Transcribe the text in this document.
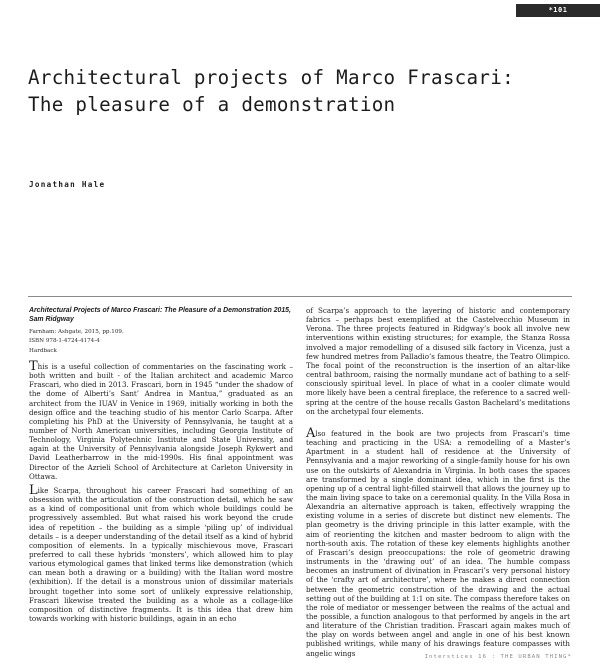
*101
Architectural projects of Marco Frascari:
The pleasure of a demonstration
Jonathan Hale

Architectural Projects of Marco Frascari: The Pleasure of a Demonstration 2015, Sam Ridgway

Farnham: Ashgate, 2015, pp.109.

ISBN 978-1-4724-4174-4

Hardback

This is a useful collection of commentaries on the fascinating work – both written and built - of the Italian architect and academic Marco Frascari, who died in 2013. Frascari, born in 1945 “under the shadow of the dome of Alberti’s Sant’ Andrea in Mantua,” graduated as an architect from the IUAV in Venice in 1969, initially working in both the design office and the teaching studio of his mentor Carlo Scarpa. After completing his PhD at the University of Pennsylvania, he taught at a number of North American universities, including Georgia Institute of Technology, Virginia Polytechnic Institute and State University, and again at the University of Pennsylvania alongside Joseph Rykwert and David Leatherbarrow in the mid-1990s. His final appointment was Director of the Azrieli School of Architecture at Carleton University in Ottawa.

Like Scarpa, throughout his career Frascari had something of an obsession with the articulation of the construction detail, which he saw as a kind of compositional unit from which whole buildings could be progressively assembled. But what raised his work beyond the crude idea of repetition – the building as a simple ‘piling up’ of individual details – is a deeper understanding of the detail itself as a kind of hybrid composition of elements. In a typically mischievous move, Frascari preferred to call these hybrids ‘monsters’, which allowed him to play various etymological games that linked terms like demonstration (which can mean both a drawing or a building) with the Italian word mostre (exhibition). If the detail is a monstrous union of dissimilar materials brought together into some sort of unlikely expressive relationship, Frascari likewise treated the building as a whole as a collage-like composition of distinctive fragments. It is this idea that drew him towards working with historic buildings, again in an echo

of Scarpa’s approach to the layering of historic and contemporary fabrics – perhaps best exemplified at the Castelvecchio Museum in Verona. The three projects featured in Ridgway’s book all involve new interventions within existing structures; for example, the Stanza Rossa involved a major remodelling of a disused silk factory in Vicenza, just a few hundred metres from Palladio’s famous theatre, the Teatro Olimpico. The focal point of the reconstruction is the insertion of an altar-like central bathroom, raising the normally mundane act of bathing to a self-consciously spiritual level. In place of what in a cooler climate would more likely have been a central fireplace, the reference to a sacred well-spring at the centre of the house recalls Gaston Bachelard’s meditations on the archetypal four elements.

Also featured in the book are two projects from Frascari’s time teaching and practicing in the USA: a remodelling of a Master’s Apartment in a student hall of residence at the University of Pennsylvania and a major reworking of a single-family house for his own use on the outskirts of Alexandria in Virginia. In both cases the spaces are transformed by a single dominant idea, which in the first is the opening up of a central light-filled stairwell that allows the journey up to the main living space to take on a ceremonial quality. In the Villa Rosa in Alexandria an alternative approach is taken, effectively wrapping the existing volume in a series of discrete but distinct new elements. The plan geometry is the driving principle in this latter example, with the aim of reorienting the kitchen and master bedroom to align with the north-south axis. The rotation of these key elements highlights another of Frascari’s design preoccupations: the role of geometric drawing instruments in the ‘drawing out’ of an idea. The humble compass becomes an instrument of divination in Frascari’s very personal history of the ‘crafty art of architecture’, where he makes a direct connection between the geometric construction of the drawing and the actual setting out of the building at 1:1 on site. The compass therefore takes on the role of mediator or messenger between the realms of the actual and the possible, a function analogous to that performed by angels in the art and literature of the Christian tradition. Frascari again makes much of the play on words between angel and angle in one of his best known published writings, while many of his drawings feature compasses with angelic wings	Interstices 16 : THE URBAN THING*
